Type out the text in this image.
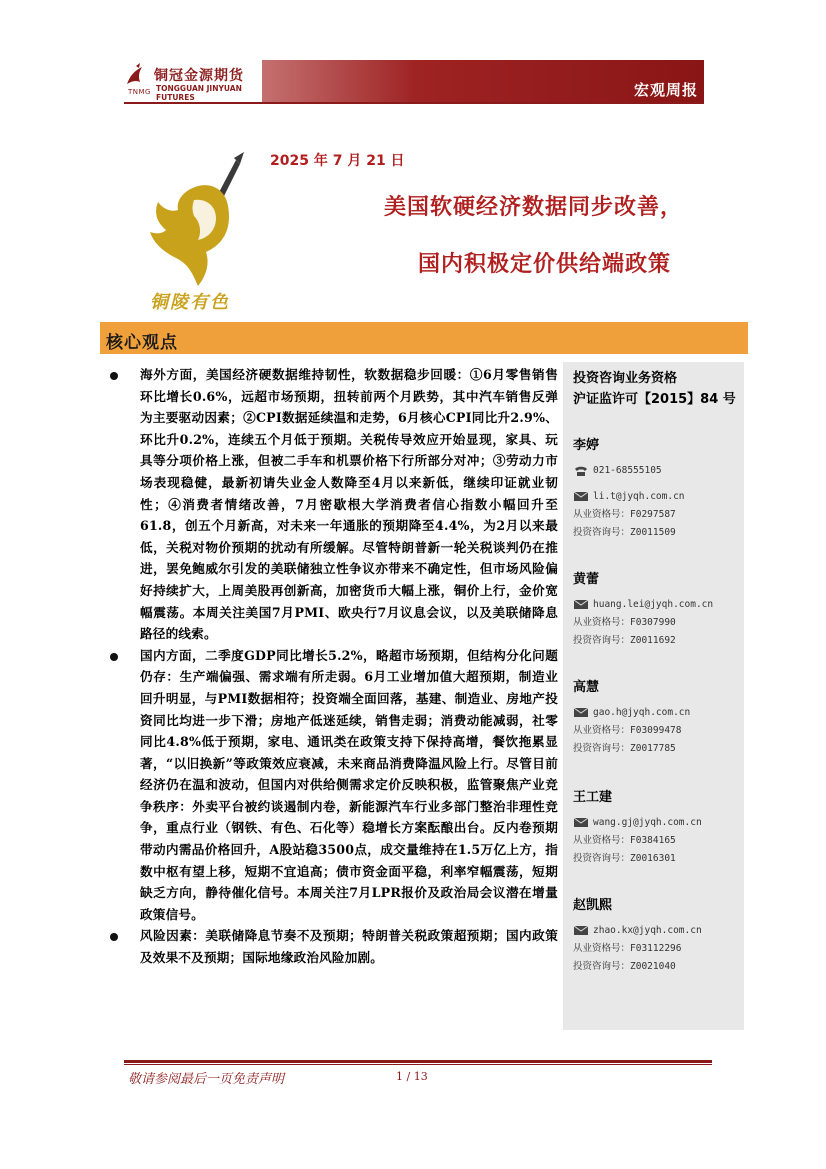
TNMG
铜冠金源期货
TONGGUAN JINYUAN FUTURES	宏观周报
铜陵有色
2025 年 7 月 21 日
美国软硬经济数据同步改善，
国内积极定价供给端政策
核心观点

海外方面，美国经济硬数据维持韧性，软数据稳步回暖：①6月零售销售环比增长0.6%，远超市场预期，扭转前两个月跌势，其中汽车销售反弹为主要驱动因素；②CPI数据延续温和走势，6月核心CPI同比升2.9%、环比升0.2%，连续五个月低于预期。关税传导效应开始显现，家具、玩具等分项价格上涨，但被二手车和机票价格下行所部分对冲；③劳动力市场表现稳健，最新初请失业金人数降至4月以来新低，继续印证就业韧性；④消费者情绪改善，7月密歇根大学消费者信心指数小幅回升至61.8，创五个月新高，对未来一年通胀的预期降至4.4%，为2月以来最低，关税对物价预期的扰动有所缓解。尽管特朗普新一轮关税谈判仍在推进，罢免鲍威尔引发的美联储独立性争议亦带来不确定性，但市场风险偏好持续扩大，上周美股再创新高，加密货币大幅上涨，铜价上行，金价宽幅震荡。本周关注美国7月PMI、欧央行7月议息会议，以及美联储降息路径的线索。

国内方面，二季度GDP同比增长5.2%，略超市场预期，但结构分化问题仍存：生产端偏强、需求端有所走弱。6月工业增加值大超预期，制造业回升明显，与PMI数据相符；投资端全面回落，基建、制造业、房地产投资同比均进一步下滑；房地产低迷延续，销售走弱；消费动能减弱，社零同比4.8%低于预期，家电、通讯类在政策支持下保持高增，餐饮拖累显著，“以旧换新”等政策效应衰减，未来商品消费降温风险上行。尽管目前经济仍在温和波动，但国内对供给侧需求定价反映积极，监管聚焦产业竞争秩序：外卖平台被约谈遏制内卷，新能源汽车行业多部门整治非理性竞争，重点行业（钢铁、有色、石化等）稳增长方案酝酿出台。反内卷预期带动内需品价格回升，A股站稳3500点，成交量维持在1.5万亿上方，指数中枢有望上移，短期不宜追高；债市资金面平稳，利率窄幅震荡，短期缺乏方向，静待催化信号。本周关注7月LPR报价及政治局会议潜在增量政策信号。

风险因素：美联储降息节奏不及预期；特朗普关税政策超预期；国内政策及效果不及预期；国际地缘政治风险加剧。

投资咨询业务资格
沪证监许可【2015】84 号
李婷
021-68555105
li.t@jyqh.com.cn
从业资格号：F0297587
投资咨询号：Z0011509
黄蕾
huang.lei@jyqh.com.cn
从业资格号：F0307990
投资咨询号：Z0011692
高慧
gao.h@jyqh.com.cn
从业资格号：F03099478
投资咨询号：Z0017785
王工建
wang.gj@jyqh.com.cn
从业资格号：F0384165
投资咨询号：Z0016301
赵凯熙
zhao.kx@jyqh.com.cn
从业资格号：F03112296
投资咨询号：Z0021040
敬请参阅最后一页免责声明	1 / 13
